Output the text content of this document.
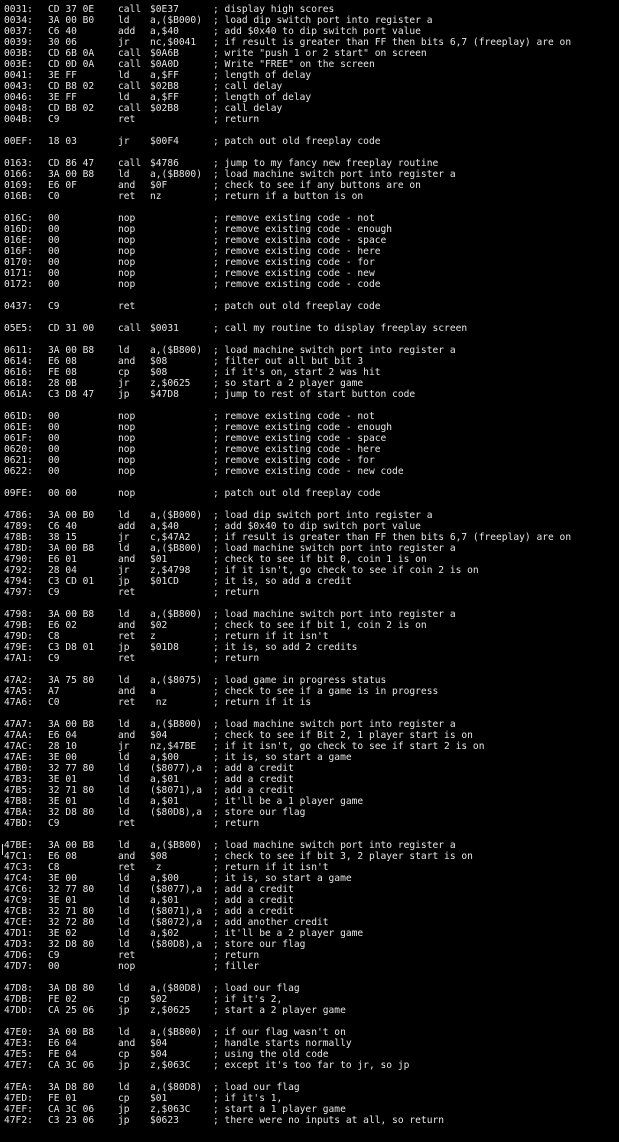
0031: CD 37 0E call $0E37	; display high scores
0034: 3A 00 B0 ld a,($B000) ; load dip switch port into register a
0037: C6 40	add a,$40	; add $0x40 to dip switch port value
0039: 30 06	jr nc,$0041 ; if result is greater than FF then bits 6,7 (freeplay) are on
003B: CD 6B 0A call $0A6B	; write "push 1 or 2 start" on screen
003E: CD 0D 0A call $0A0D	; Write "FREE" on the screen
0041: 3E FF	ld a,$FF	; length of delay
0043: CD B8 02 call $02B8	; call delay
0046: 3E FF	ld a,$FF	; length of delay
0048: CD B8 02 call $02B8	; call delay
004B: C9	ret	; return
00EF: 18 03	jr $00F4	; patch out old freeplay code
0163: CD 86 47 call $4786	; jump to my fancy new freeplay routine
0166: 3A 00 B8 ld a,($B800) ; load machine switch port into register a
0169: E6 0F	and $0F	; check to see if any buttons are on
016B: C0	ret nz	; return if a button is on
016C: 00	nop	; remove existing code - not
016D: 00	nop	; remove existing code - enough
016E: 00	nop	; remove existina code - space
016F: 00	nop	; remove existing code - here
0170: 00	nop	; remove existing code - for
0171: 00	nop	; remove existing code - new
0172: 00	nop	; remove existing code - code
0437: C9	ret	; patch out old freeplay code
05E5: CD 31 00 call $0031	; call my routine to display freeplay screen
0611: 3A 00 B8 ld a,($B800) ; load machine switch port into register a
0614: E6 08	and $08	; filter out all but bit 3
0616: FE 08	cp $08	; if it's on, start 2 was hit
0618: 28 0B	jr z,$0625 ; so start a 2 player game
061A: C3 D8 47 jp $47D8	; jump to rest of start button code
061D: 00	nop	; remove existing code - not
061E: 00	nop	; remove existing code - enough
061F: 00	nop	; remove existing code - space
0620: 00	nop	; remove existing code - here
0621: 00	nop	; remove existing code - for
0622: 00	nop	; remove existing code - new code
09FE: 00 00	nop	; patch out old freeplay code
4786: 3A 00 B0 ld a,($B000) ; load dip switch port into register a
4789: C6 40	add a,$40	; add $0x40 to dip switch port value
478B: 38 15	jr c,$47A2 ; if result is greater than FF then bits 6,7 (freeplay) are on
478D: 3A 00 B8 ld a,($B800) ; load machine switch port into register a
4790: E6 01	and $01	; check to see if bit 0, coin 1 is on
4792: 28 04	jr z,$4798 ; if it isn't, go check to see if coin 2 is on
4794: C3 CD 01 jp $01CD	; it is, so add a credit
4797: C9	ret	; return
4798: 3A 00 B8 ld a,($B800) ; load machine switch port into register a
479B: E6 02	and $02	; check to see if bit 1, coin 2 is on
479D: C8	ret z	; return if it isn't
479E: C3 D8 01 jp $01D8	; it is, so add 2 credits
47A1: C9	ret	; return
47A2: 3A 75 80 ld a,($8075) ; load game in progress status
47A5: A7	and a	; check to see if a game is in progress
47A6: C0	ret nz	; return if it is
47A7: 3A 00 B8 ld a,($B800) ; load machine switch port into register a
47AA: E6 04	and $04	; check to see if Bit 2, 1 player start is on
47AC: 28 10	jr nz,$47BE ; if it isn't, go check to see if start 2 is on
47AE: 3E 00	ld a,$00	; it is, so start a game
47B0: 32 77 80 ld ($8077),a ; add a credit
47B3: 3E 01	ld a,$01	; add a credit
47B5: 32 71 80 ld ($8071),a ; add a credit
47B8: 3E 01	ld a,$01	; it'll be a 1 player game
47BA: 32 D8 80 ld ($80D8),a ; store our flag
47BD: C9	ret	; return
47BE: 3A 00 B8 ld a,($B800) ; load machine switch port into register a
47C1: E6 08	and $08	; check to see if bit 3, 2 player start is on
47C3: C8	ret z	; return if it isn't
47C4: 3E 00	ld a,$00	; it is, so start a game
47C6: 32 77 80 ld ($8077),a ; add a credit
47C9: 3E 01	ld a,$01	; add a credit
47CB: 32 71 80 ld ($8071),a ; add a credit
47CE: 32 72 80 ld ($8072),a ; add another credit
47D1: 3E 02	ld a,$02	; it'll be a 2 player game
47D3: 32 D8 80 ld ($80D8),a ; store our flag
47D6: C9	ret	; return
47D7: 00	nop	; filler
47D8: 3A D8 80 ld a,($80D8) ; load our flag
47DB: FE 02	cp $02	; if it's 2,
47DD: CA 25 06 jp z,$0625 ; start a 2 player game
47E0: 3A 00 B8 ld a,($B800) ; if our flag wasn't on
47E3: E6 04	and $04	; handle starts normally
47E5: FE 04	cp $04	; using the old code
47E7: CA 3C 06 jp z,$063C ; except it's too far to jr, so jp
47EA: 3A D8 80 ld a,($80D8) ; load our flag
47ED: FE 01	cp $01	; if it's 1,
47EF: CA 3C 06 jp z,$063C ; start a 1 player game
47F2: C3 23 06 jp $0623	; there were no inputs at all, so return
